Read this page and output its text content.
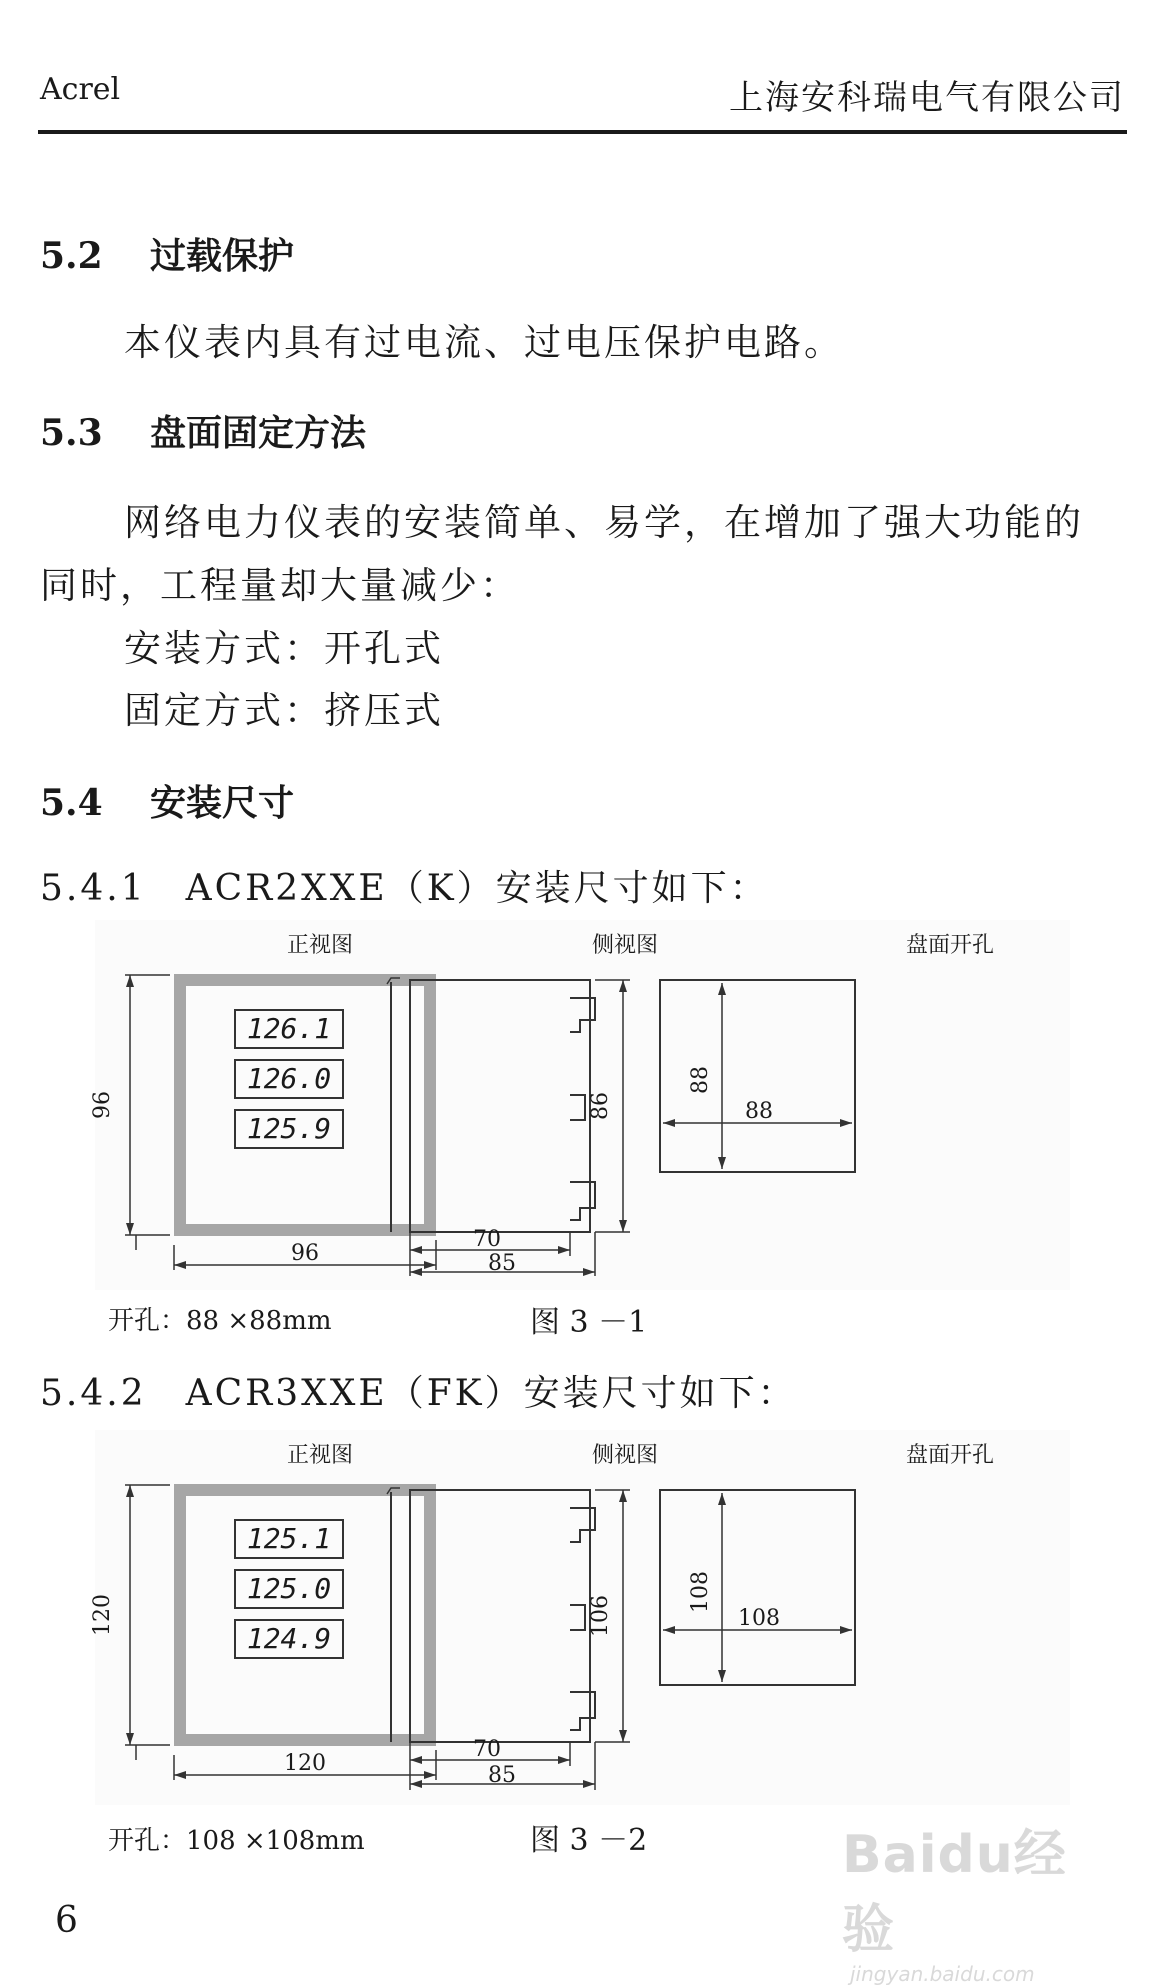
Acrel	上海安科瑞电气有限公司
5.2 过载保护
本仪表内具有过电流、过电压保护电路。
5.3 盘面固定方法
网络电力仪表的安装简单、易学，在增加了强大功能的
同时，工程量却大量减少：
安装方式：开孔式
固定方式：挤压式
5.4 安装尺寸
5.4.1　ACR2XXE（K）安装尺寸如下：
正视图	侧视图	盘面开孔
126.1
126.0
125.9
96
96
86
70
85
88
88
开孔：88 ×88mm	图 3 －1
5.4.2　ACR3XXE（FK）安装尺寸如下：
正视图	侧视图	盘面开孔
125.1
125.0
124.9
120
120
106
70
85
108
108
开孔：108 ×108mm	图 3 －2
6
Baidu经验
jingyan.baidu.com
